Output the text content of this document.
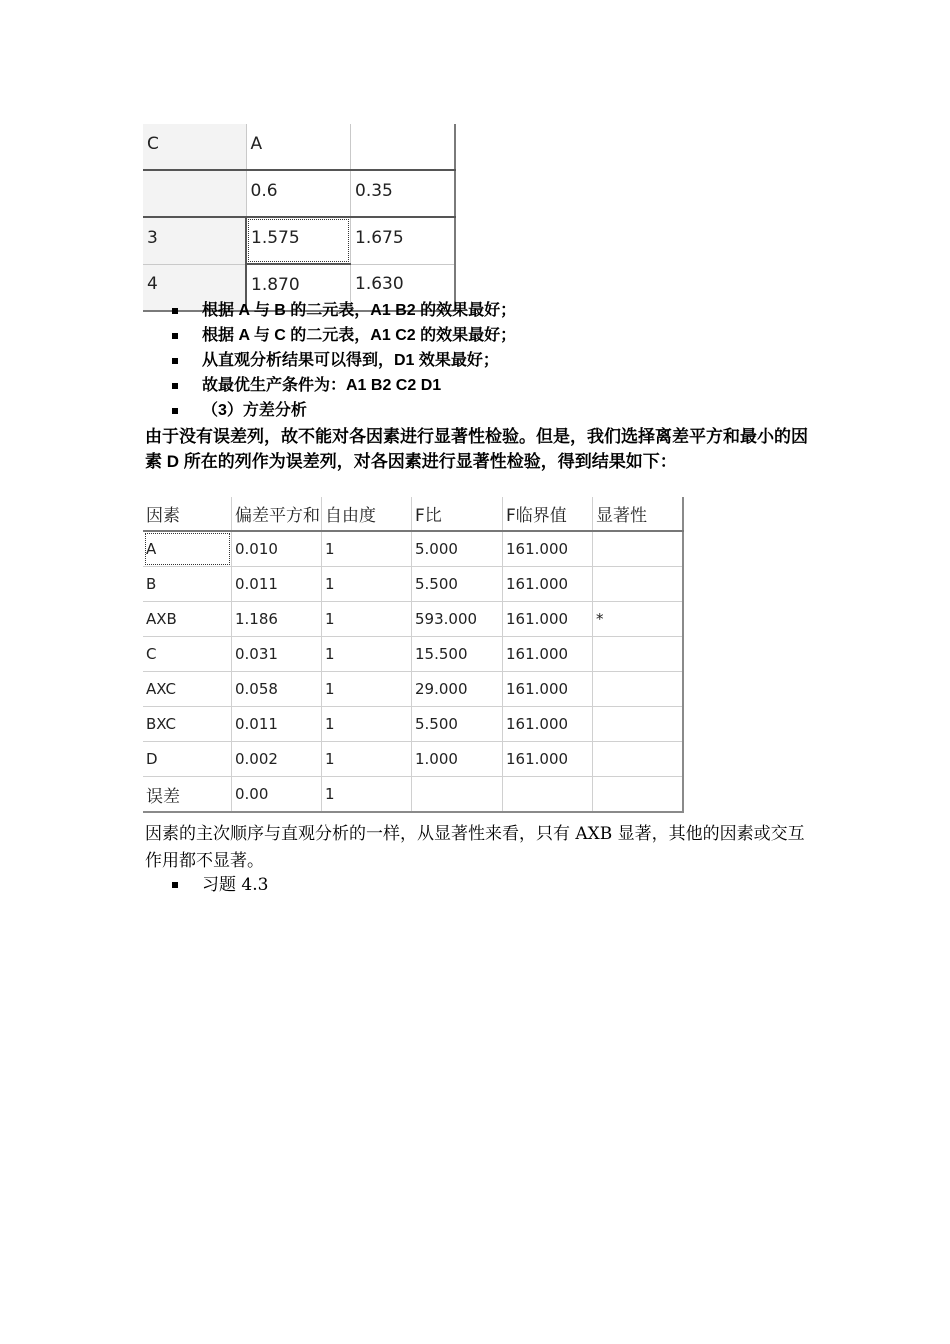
C	A	
	0.6	0.35
3	1.575	1.675
4	1.870	1.630
根据 A 与 B 的二元表，A1 B2 的效果最好；
根据 A 与 C 的二元表，A1 C2 的效果最好；
从直观分析结果可以得到，D1 效果最好；
故最优生产条件为：A1 B2 C2 D1
（3）方差分析

由于没有误差列，故不能对各因素进行显著性检验。但是，我们选择离差平方和最小的因素 D 所在的列作为误差列，对各因素进行显著性检验，得到结果如下：

因素	偏差平方和	自由度	F比	F临界值	显著性
A	0.010	1	5.000	161.000	
B	0.011	1	5.500	161.000	
AXB	1.186	1	593.000	161.000	*
C	0.031	1	15.500	161.000	
AXC	0.058	1	29.000	161.000	
BXC	0.011	1	5.500	161.000	
D	0.002	1	1.000	161.000	
误差	0.00	1			

因素的主次顺序与直观分析的一样，从显著性来看，只有 AXB 显著，其他的因素或交互作用都不显著。

习题 4.3
